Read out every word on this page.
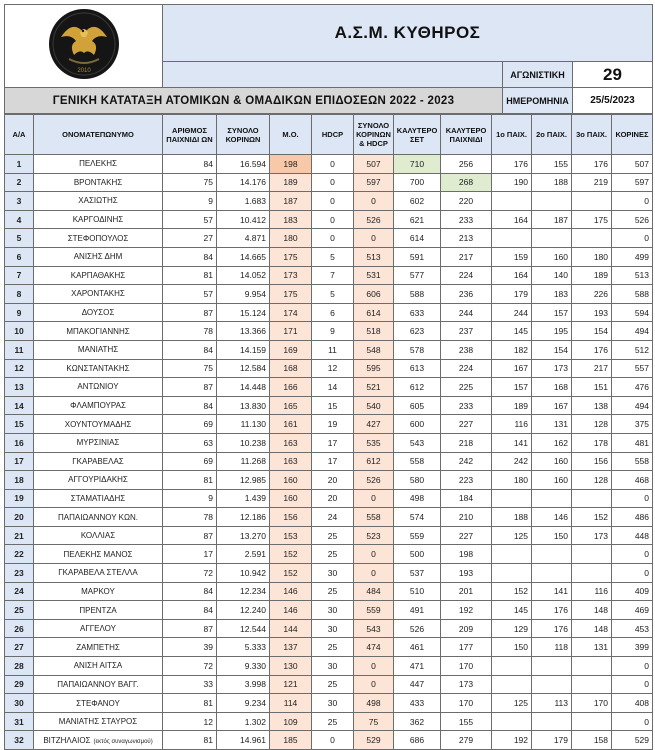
2010	Α.Σ.Μ. ΚΥΘΗΡΟΣ		
		ΑΓΩΝΙΣΤΙΚΗ	29
ΓΕΝΙΚΗ ΚΑΤΑΤΑΞΗ ΑΤΟΜΙΚΩΝ & ΟΜΑΔΙΚΩΝ ΕΠΙΔΟΣΕΩΝ 2022 - 2023		ΗΜΕΡΟΜΗΝΙΑ	25/5/2023
Α/Α	ΟΝΟΜΑΤΕΠΩΝΥΜΟ	ΑΡΙΘΜΟΣ ΠΑΙΧΝΙΔΙ ΩΝ	ΣΥΝΟΛΟ ΚΟΡΙΝΩΝ	Μ.Ο.	HDCP	ΣΥΝΟΛΟ ΚΟΡΙΝΩΝ & HDCP	ΚΑΛΥΤΕΡΟ ΣΕΤ	ΚΑΛΥΤΕΡΟ ΠΑΙΧΝΙΔΙ	1ο ΠΑΙΧ.	2ο ΠΑΙΧ.	3ο ΠΑΙΧ.	ΚΟΡΙΝΕΣ
1	ΠΕΛΕΚΗΣ	84	16.594	198	0	507	710	256	176	155	176	507
2	ΒΡΟΝΤΑΚΗΣ	75	14.176	189	0	597	700	268	190	188	219	597
3	ΧΑΣΙΩΤΗΣ	9	1.683	187	0	0	602	220				0
4	ΚΑΡΓΟΔΙΝΗΣ	57	10.412	183	0	526	621	233	164	187	175	526
5	ΣΤΕΦΟΠΟΥΛΟΣ	27	4.871	180	0	0	614	213				0
6	ΑΝΙΣΗΣ ΔΗΜ	84	14.665	175	5	513	591	217	159	160	180	499
7	ΚΑΡΠΑΘΑΚΗΣ	81	14.052	173	7	531	577	224	164	140	189	513
8	ΧΑΡΟΝΤΑΚΗΣ	57	9.954	175	5	606	588	236	179	183	226	588
9	ΔΟΥΣΟΣ	87	15.124	174	6	614	633	244	244	157	193	594
10	ΜΠΑΚΟΓΙΑΝΝΗΣ	78	13.366	171	9	518	623	237	145	195	154	494
11	ΜΑΝΙΑΤΗΣ	84	14.159	169	11	548	578	238	182	154	176	512
12	ΚΩΝΣΤΑΝΤΑΚΗΣ	75	12.584	168	12	595	613	224	167	173	217	557
13	ΑΝΤΩΝΙΟΥ	87	14.448	166	14	521	612	225	157	168	151	476
14	ΦΛΑΜΠΟΥΡΑΣ	84	13.830	165	15	540	605	233	189	167	138	494
15	ΧΟΥΝΤΟΥΜΑΔΗΣ	69	11.130	161	19	427	600	227	116	131	128	375
16	ΜΥΡΣΙΝΙΑΣ	63	10.238	163	17	535	543	218	141	162	178	481
17	ΓΚΑΡΑΒΕΛΑΣ	69	11.268	163	17	612	558	242	242	160	156	558
18	ΑΓΓΟΥΡΙΔΑΚΗΣ	81	12.985	160	20	526	580	223	180	160	128	468
19	ΣΤΑΜΑΤΙΑΔΗΣ	9	1.439	160	20	0	498	184				0
20	ΠΑΠΑΙΩΑΝΝΟΥ ΚΩΝ.	78	12.186	156	24	558	574	210	188	146	152	486
21	ΚΟΛΛΙΑΣ	87	13.270	153	25	523	559	227	125	150	173	448
22	ΠΕΛΕΚΗΣ ΜΑΝΟΣ	17	2.591	152	25	0	500	198				0
23	ΓΚΑΡΑΒΕΛΑ ΣΤΕΛΛΑ	72	10.942	152	30	0	537	193				0
24	ΜΑΡΚΟΥ	84	12.234	146	25	484	510	201	152	141	116	409
25	ΠΡΕΝΤΖΑ	84	12.240	146	30	559	491	192	145	176	148	469
26	ΑΓΓΕΛΟΥ	87	12.544	144	30	543	526	209	129	176	148	453
27	ΖΑΜΠΕΤΗΣ	39	5.333	137	25	474	461	177	150	118	131	399
28	ΑΝΙΣΗ ΑΙΤΣΑ	72	9.330	130	30	0	471	170				0
29	ΠΑΠΑΙΩΑΝΝΟΥ ΒΑΓΓ.	33	3.998	121	25	0	447	173				0
30	ΣΤΕΦΑΝΟΥ	81	9.234	114	30	498	433	170	125	113	170	408
31	ΜΑΝΙΑΤΗΣ ΣΤΑΥΡΟΣ	12	1.302	109	25	75	362	155				0
32	ΒΙΤΖΗΛΑΙΟΣ (εκτός συναγωνισμού)	81	14.961	185	0	529	686	279	192	179	158	529
